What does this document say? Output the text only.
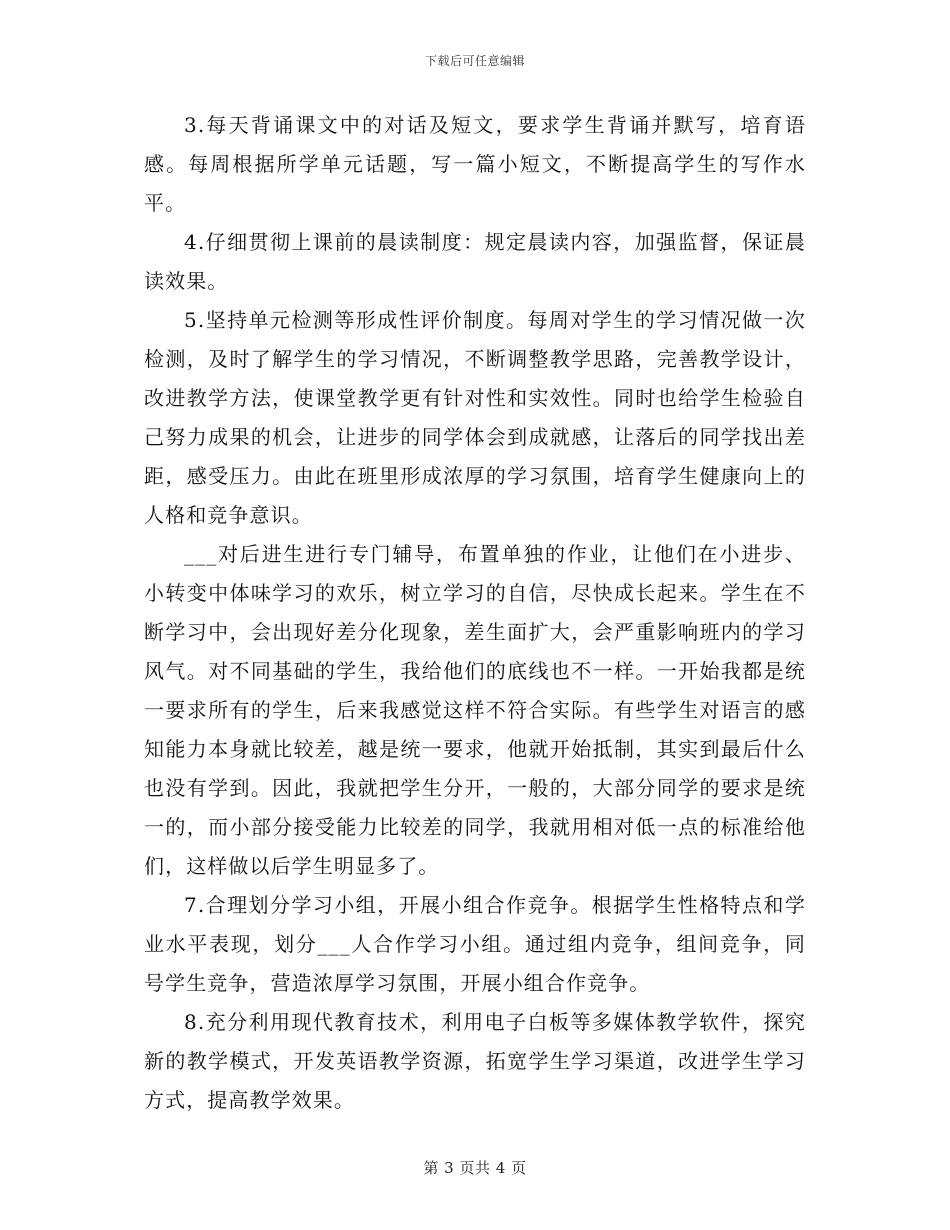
下载后可任意编辑

3.每天背诵课文中的对话及短文，要求学生背诵并默写，培育语感。每周根据所学单元话题，写一篇小短文，不断提高学生的写作水平。

4.仔细贯彻上课前的晨读制度：规定晨读内容，加强监督，保证晨读效果。

5.坚持单元检测等形成性评价制度。每周对学生的学习情况做一次检测，及时了解学生的学习情况，不断调整教学思路，完善教学设计，改进教学方法，使课堂教学更有针对性和实效性。同时也给学生检验自己努力成果的机会，让进步的同学体会到成就感，让落后的同学找出差距，感受压力。由此在班里形成浓厚的学习氛围，培育学生健康向上的人格和竞争意识。

___对后进生进行专门辅导，布置单独的作业，让他们在小进步、小转变中体味学习的欢乐，树立学习的自信，尽快成长起来。学生在不断学习中，会出现好差分化现象，差生面扩大，会严重影响班内的学习风气。对不同基础的学生，我给他们的底线也不一样。一开始我都是统一要求所有的学生，后来我感觉这样不符合实际。有些学生对语言的感知能力本身就比较差，越是统一要求，他就开始抵制，其实到最后什么也没有学到。因此，我就把学生分开，一般的，大部分同学的要求是统一的，而小部分接受能力比较差的同学，我就用相对低一点的标准给他们，这样做以后学生明显多了。

7.合理划分学习小组，开展小组合作竞争。根据学生性格特点和学业水平表现，划分___人合作学习小组。通过组内竞争，组间竞争，同号学生竞争，营造浓厚学习氛围，开展小组合作竞争。

8.充分利用现代教育技术，利用电子白板等多媒体教学软件，探究新的教学模式，开发英语教学资源，拓宽学生学习渠道，改进学生学习方式，提高教学效果。

第 3 页共 4 页
